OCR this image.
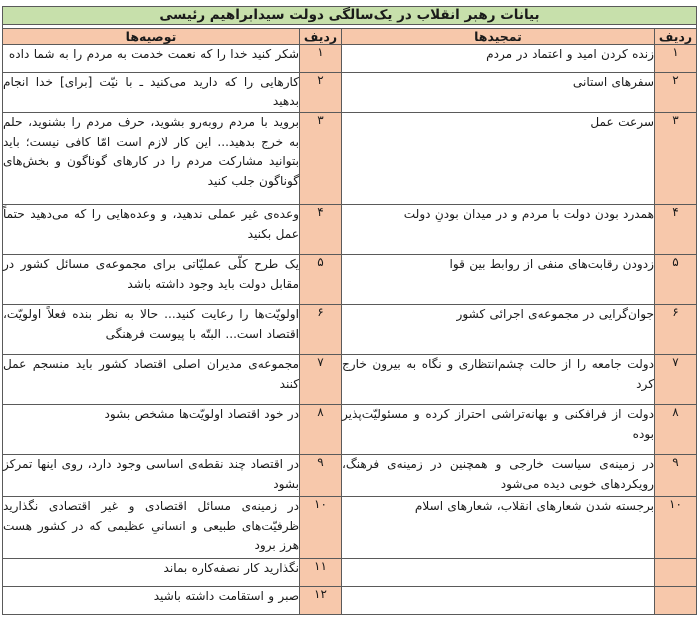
بیانات رهبر انقلاب در یک‌سالگی دولت سیدابراهیم رئیسی			

ردیف	تمجیدها	ردیف	توصیه‌ها
۱	زنده کردن امید و اعتماد در مردم	۱	شکر کنید خدا را که نعمت خدمت به مردم را به شما داده
۲	سفرهای استانی	۲	کارهایی را که دارید می‌کنید ـ با نیّت [برای] خدا انجام بدهید
۳	سرعت عمل	۳	بروید با مردم رو‌به‌رو بشوید، حرف مردم را بشنوید، حلم به خرج بدهید... این کار لازم است امّا کافی نیست؛ باید بتوانید مشارکت مردم را در کارهای گوناگون و بخش‌های گوناگون جلب کنید
۴	همدرد بودن دولت با مردم و در میدان بودنِ دولت	۴	وعده‌ی غیر عملی ندهید، و وعده‌هایی را که می‌دهید حتماً عمل بکنید
۵	زدودن رقابت‌های منفی از روابط بین قوا	۵	یک طرح کلّی عملیّاتی برای مجموعه‌ی مسائل کشور در مقابل دولت باید وجود داشته باشد
۶	جوان‌گرایی در مجموعه‌ی اجرائی کشور	۶	اولویّت‌ها را رعایت کنید... حالا به نظر بنده فعلاً اولویّت، اقتصاد است... البتّه با پیوست فرهنگی
۷	دولت جامعه را از حالت چشم‌انتظاری و نگاه به بیرون خارج کرد	۷	مجموعه‌ی مدیران اصلی اقتصاد کشور باید منسجم عمل کنند
۸	دولت از فرافکنی و بهانه‌تراشی احتراز کرده و مسئولیّت‌پذیر بوده	۸	در خود اقتصاد اولویّت‌ها مشخص بشود
۹	در زمینه‌ی سیاست خارجی و همچنین در زمینه‌ی فرهنگ، رویکردهای خوبی دیده می‌شود	۹	در اقتصاد چند نقطه‌ی اساسی وجود دارد، روی اینها تمرکز بشود
۱۰	برجسته شدن شعارهای انقلاب، شعارهای اسلام	۱۰	در زمینه‌ی مسائل اقتصادی و غیر اقتصادی نگذارید ظرفیّت‌های طبیعی و انسانیِ عظیمی که در کشور هست هرز برود
		۱۱	نگذارید کار نصفه‌کاره بماند
		۱۲	صبر و استقامت داشته باشید
